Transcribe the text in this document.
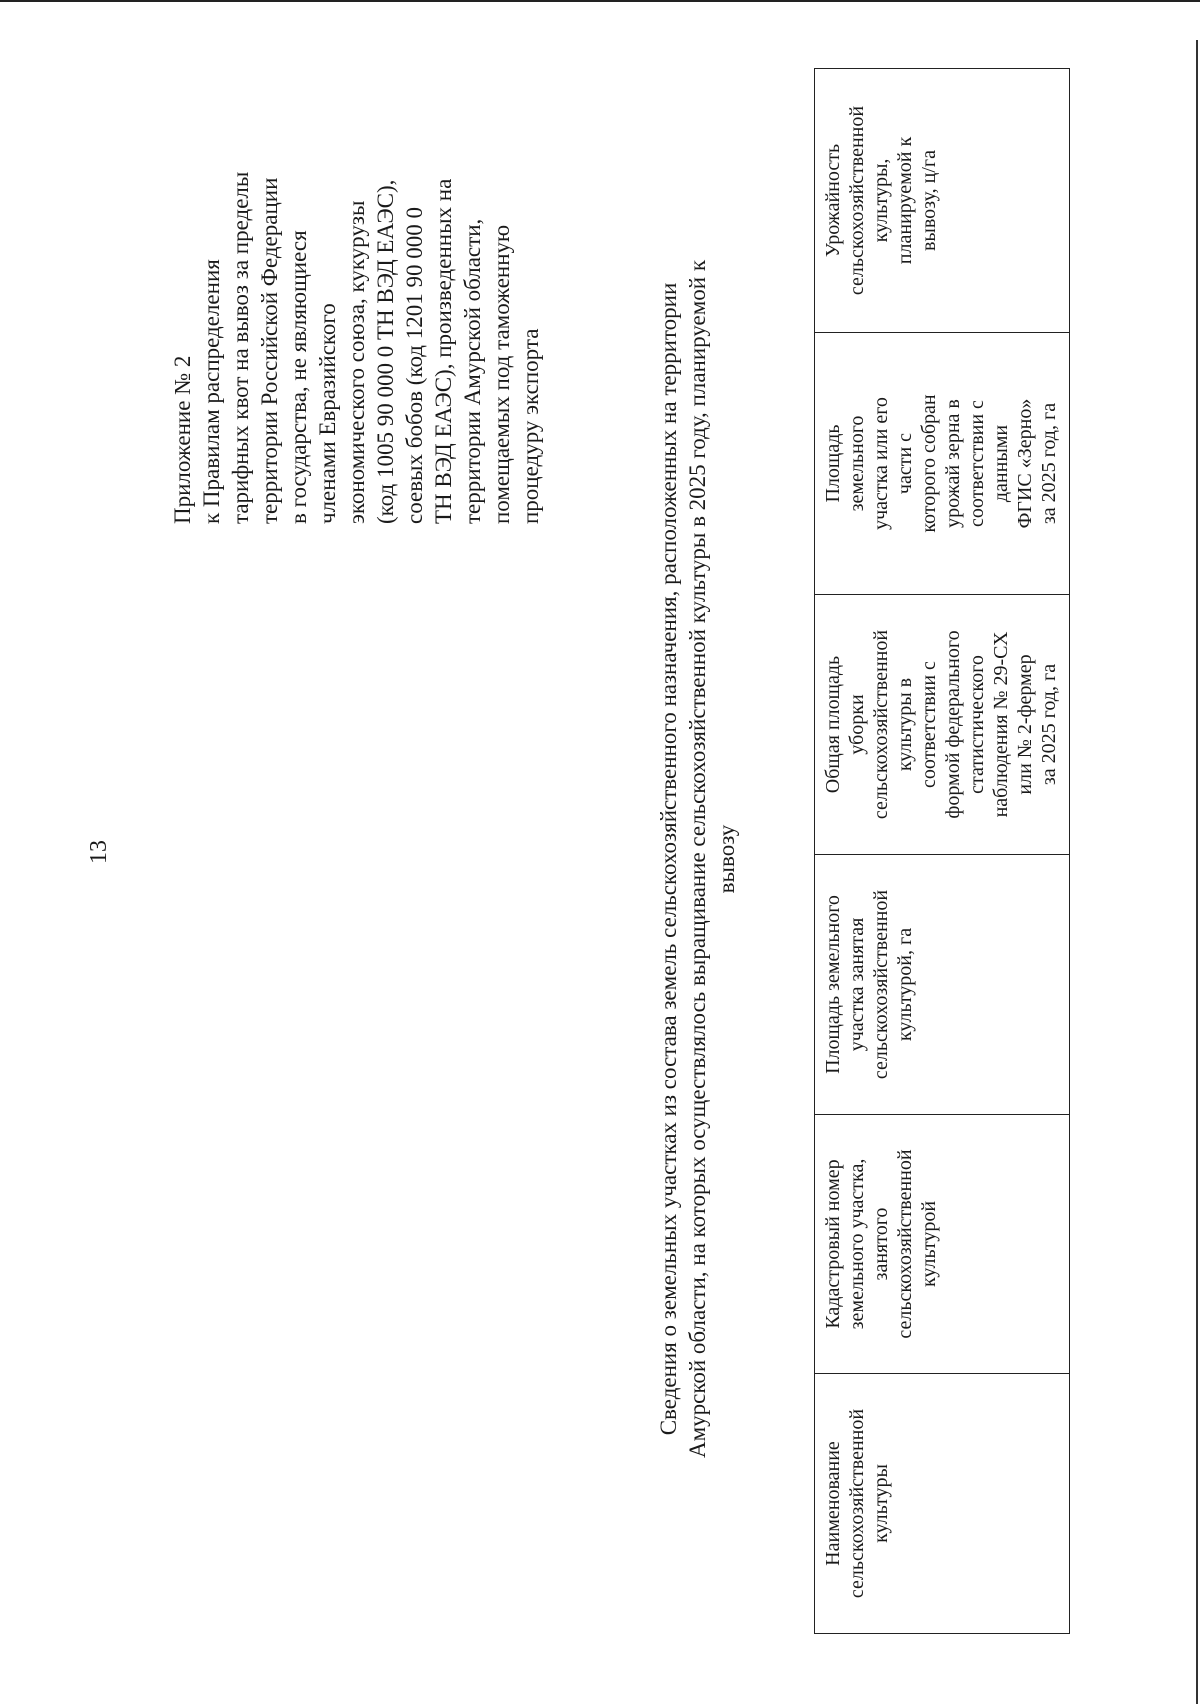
13
Приложение № 2 к Правилам распределения тарифных квот на вывоз за пределы территории Российской Федерации в государства, не являющиеся членами Евразийского экономического союза, кукурузы (код 1005 90 000 0 ТН ВЭД ЕАЭС), соевых бобов (код 1201 90 000 0 ТН ВЭД ЕАЭС), произведенных на территории Амурской области, помещаемых под таможенную процедуру экспорта	Сведения о земельных участках из состава земель сельскохозяйственного назначения, расположенных на территории Амурской области, на которых осуществлялось выращивание сельскохозяйственной культуры в 2025 году, планируемой к вывозу
Наименование
сельскохозяйственной
культуры

Кадастровый номер
земельного участка,
занятого
сельскохозяйственной
культурой

Площадь земельного
участка занятая
сельскохозяйственной
культурой, га

Общая площадь
уборки
сельскохозяйственной
культуры в
соответствии с
формой федерального
статистического
наблюдения № 29-СХ
или № 2-фермер
за 2025 год, га

Площадь
земельного
участка или его
части с
которого собран
урожай зерна в
соответствии с
данными
ФГИС «Зерно»
за 2025 год, га

Урожайность
сельскохозяйственной
культуры,
планируемой к
вывозу, ц/га
